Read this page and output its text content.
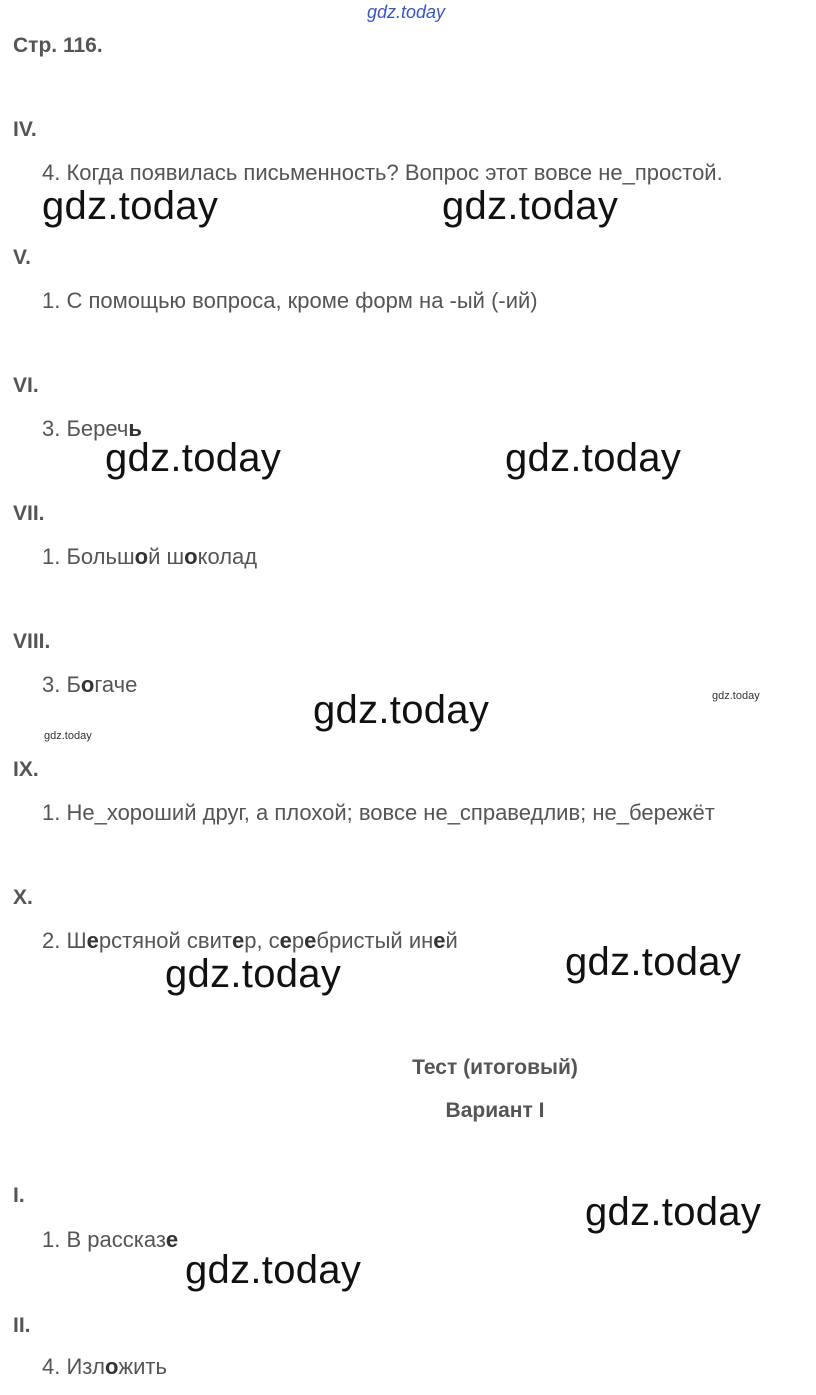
gdz.today
Стр. 116.
IV.
4. Когда появилась письменность? Вопрос этот вовсе не_простой.
gdz.today	gdz.today
V.
1. С помощью вопроса, кроме форм на -ый (-ий)
VI.
3. Беречь
gdz.today	gdz.today
VII.
1. Большой шоколад
VIII.
3. Богаче
gdz.today	gdz.today
gdz.today
IX.
1. Не_хороший друг, а плохой; вовсе не_справедлив; не_бережёт
X.
2. Шерстяной свитер, серебристый иней	gdz.today
gdz.today
Тест (итоговый)
Вариант I
I.	gdz.today
1. В рассказе
gdz.today
II.
4. Изложить
